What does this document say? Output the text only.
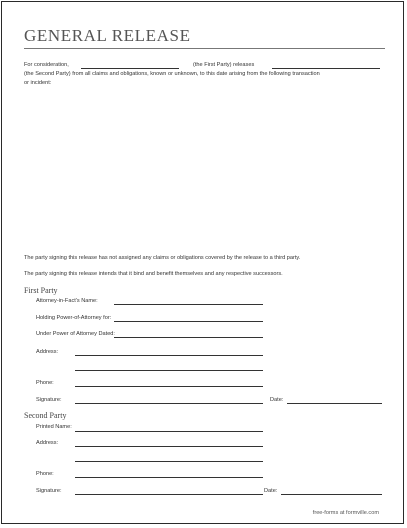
GENERAL RELEASE
For consideration,	(the First Party) releases
(the Second Party) from all claims and obligations, known or unknown, to this date arising from the following transaction
or incident:
The party signing this release has not assigned any claims or obligations covered by the release to a third party.
The party signing this release intends that it bind and benefit themselves and any respective successors.
First Party
Attorney-in-Fact's Name:
Holding Power-of-Attorney for:
Under Power of Attorney Dated:
Address:
Phone:
Signature:	Date:
Second Party
Printed Name:
Address:
Phone:
Signature:	Date:
free-forms at formville.com
